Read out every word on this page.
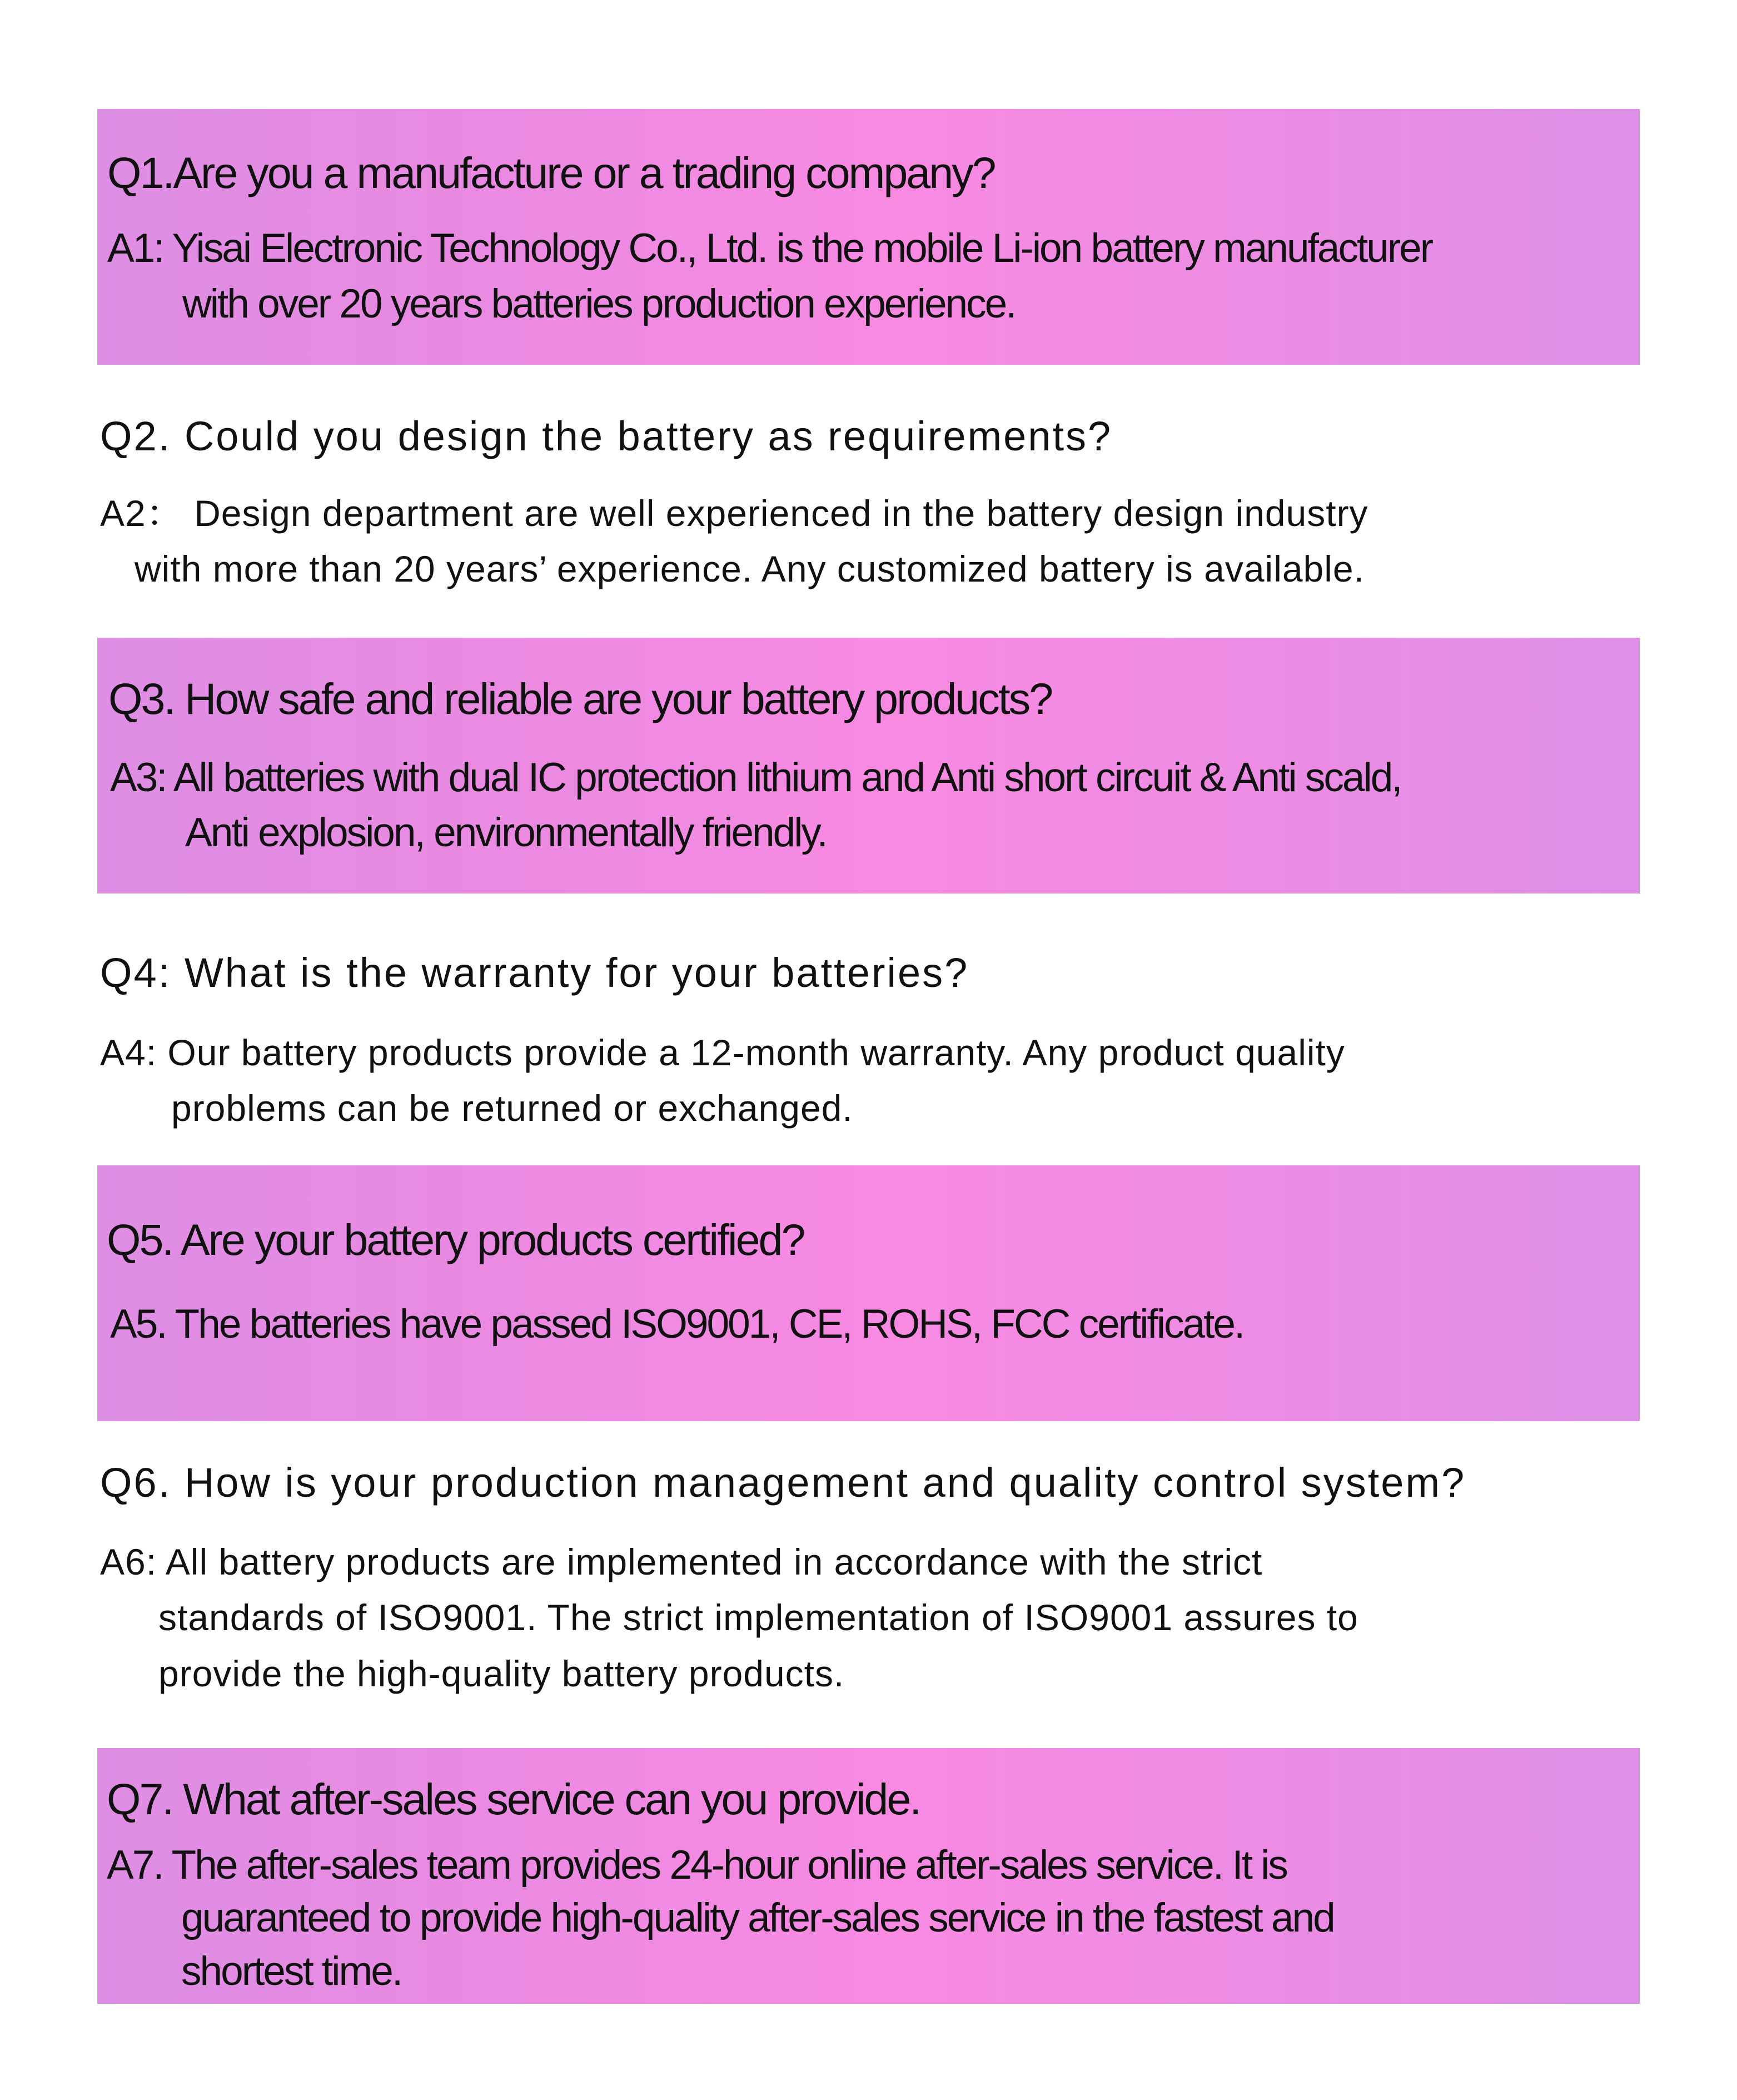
Q1.Are you a manufacture or a trading company?
A1: Yisai Electronic Technology Co., Ltd. is the mobile Li-ion battery manufacturer
with over 20 years batteries production experience.
Q2. Could you design the battery as requirements?
A2： Design department are well experienced in the battery design industry
with more than 20 years’ experience. Any customized battery is available.
Q3. How safe and reliable are your battery products?
A3: All batteries with dual IC protection lithium and Anti short circuit & Anti scald,
Anti explosion, environmentally friendly.
Q4: What is the warranty for your batteries?
A4: Our battery products provide a 12-month warranty. Any product quality
problems can be returned or exchanged.
Q5. Are your battery products certified?
A5. The batteries have passed ISO9001, CE, ROHS, FCC certificate.
Q6. How is your production management and quality control system?
A6: All battery products are implemented in accordance with the strict
standards of ISO9001. The strict implementation of ISO9001 assures to
provide the high-quality battery products.
Q7. What after-sales service can you provide.
A7. The after-sales team provides 24-hour online after-sales service. It is
guaranteed to provide high-quality after-sales service in the fastest and
shortest time.
